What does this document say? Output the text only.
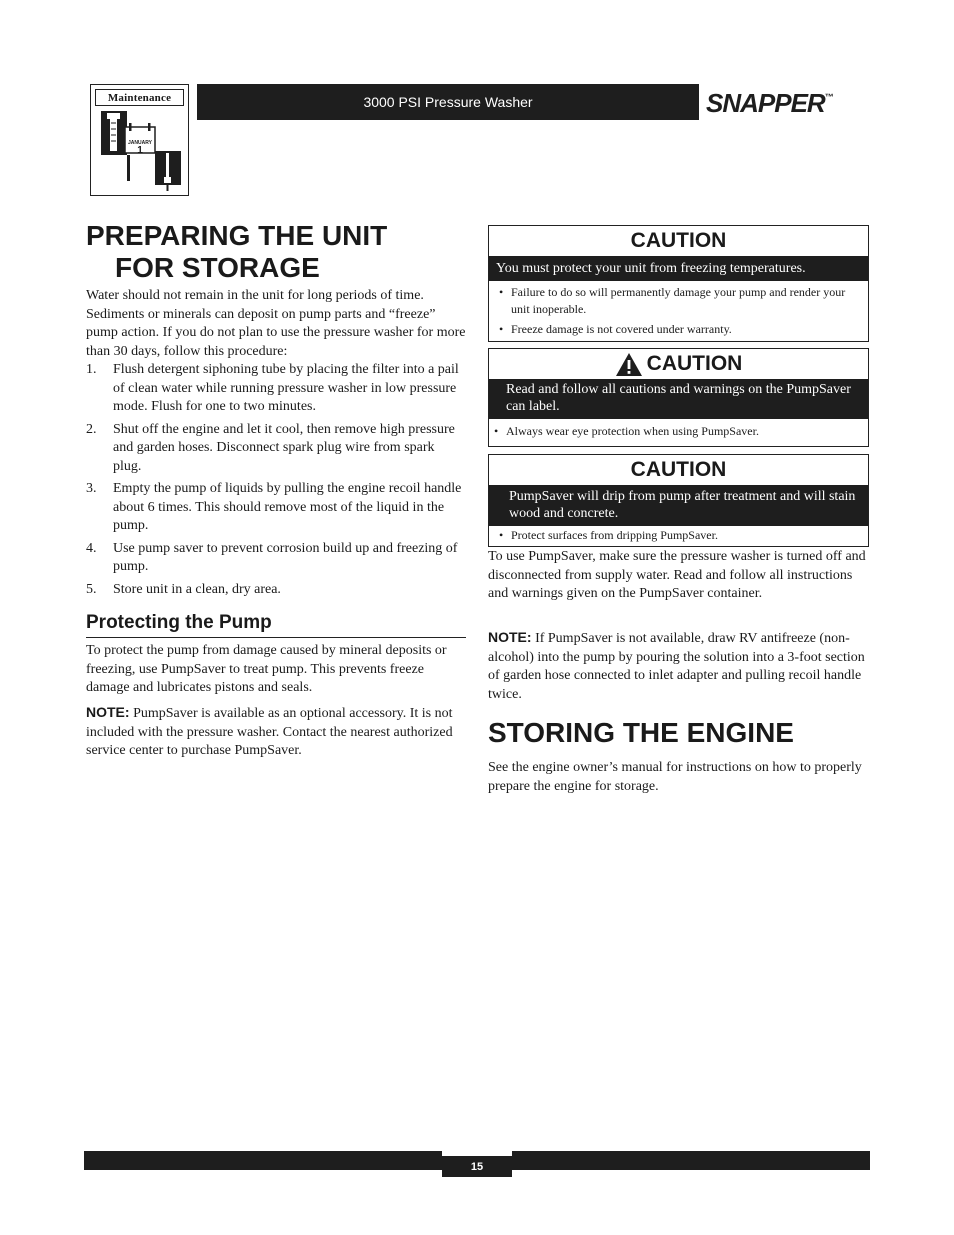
Maintenance
JANUARY
1
3000 PSI Pressure Washer	SNAPPER™
PREPARING THE UNIT
FOR STORAGE
Water should not remain in the unit for long periods of time. Sediments or minerals can deposit on pump parts and “freeze” pump action. If you do not plan to use the pressure washer for more than 30 days, follow this procedure:
1. Flush detergent siphoning tube by placing the filter into a pail of clean water while running pressure washer in low pressure mode. Flush for one to two minutes.
2. Shut off the engine and let it cool, then remove high pressure and garden hoses. Disconnect spark plug wire from spark plug.
3. Empty the pump of liquids by pulling the engine recoil handle about 6 times. This should remove most of the liquid in the pump.
4. Use pump saver to prevent corrosion build up and freezing of pump.
5. Store unit in a clean, dry area.
Protecting the Pump
To protect the pump from damage caused by mineral deposits or freezing, use PumpSaver to treat pump. This prevents freeze damage and lubricates pistons and seals.
NOTE: PumpSaver is available as an optional accessory. It is not included with the pressure washer. Contact the nearest authorized service center to purchase PumpSaver.
CAUTION
You must protect your unit from freezing temperatures.
• Failure to do so will permanently damage your pump and render your unit inoperable.
• Freeze damage is not covered under warranty.
CAUTION
Read and follow all cautions and warnings on the PumpSaver can label.
• Always wear eye protection when using PumpSaver.
CAUTION
PumpSaver will drip from pump after treatment and will stain wood and concrete.
• Protect surfaces from dripping PumpSaver.
To use PumpSaver, make sure the pressure washer is turned off and disconnected from supply water. Read and follow all instructions and warnings given on the PumpSaver container.
NOTE: If PumpSaver is not available, draw RV antifreeze (non-alcohol) into the pump by pouring the solution into a 3-foot section of garden hose connected to inlet adapter and pulling recoil handle twice.
STORING THE ENGINE
See the engine owner’s manual for instructions on how to properly prepare the engine for storage.
15
